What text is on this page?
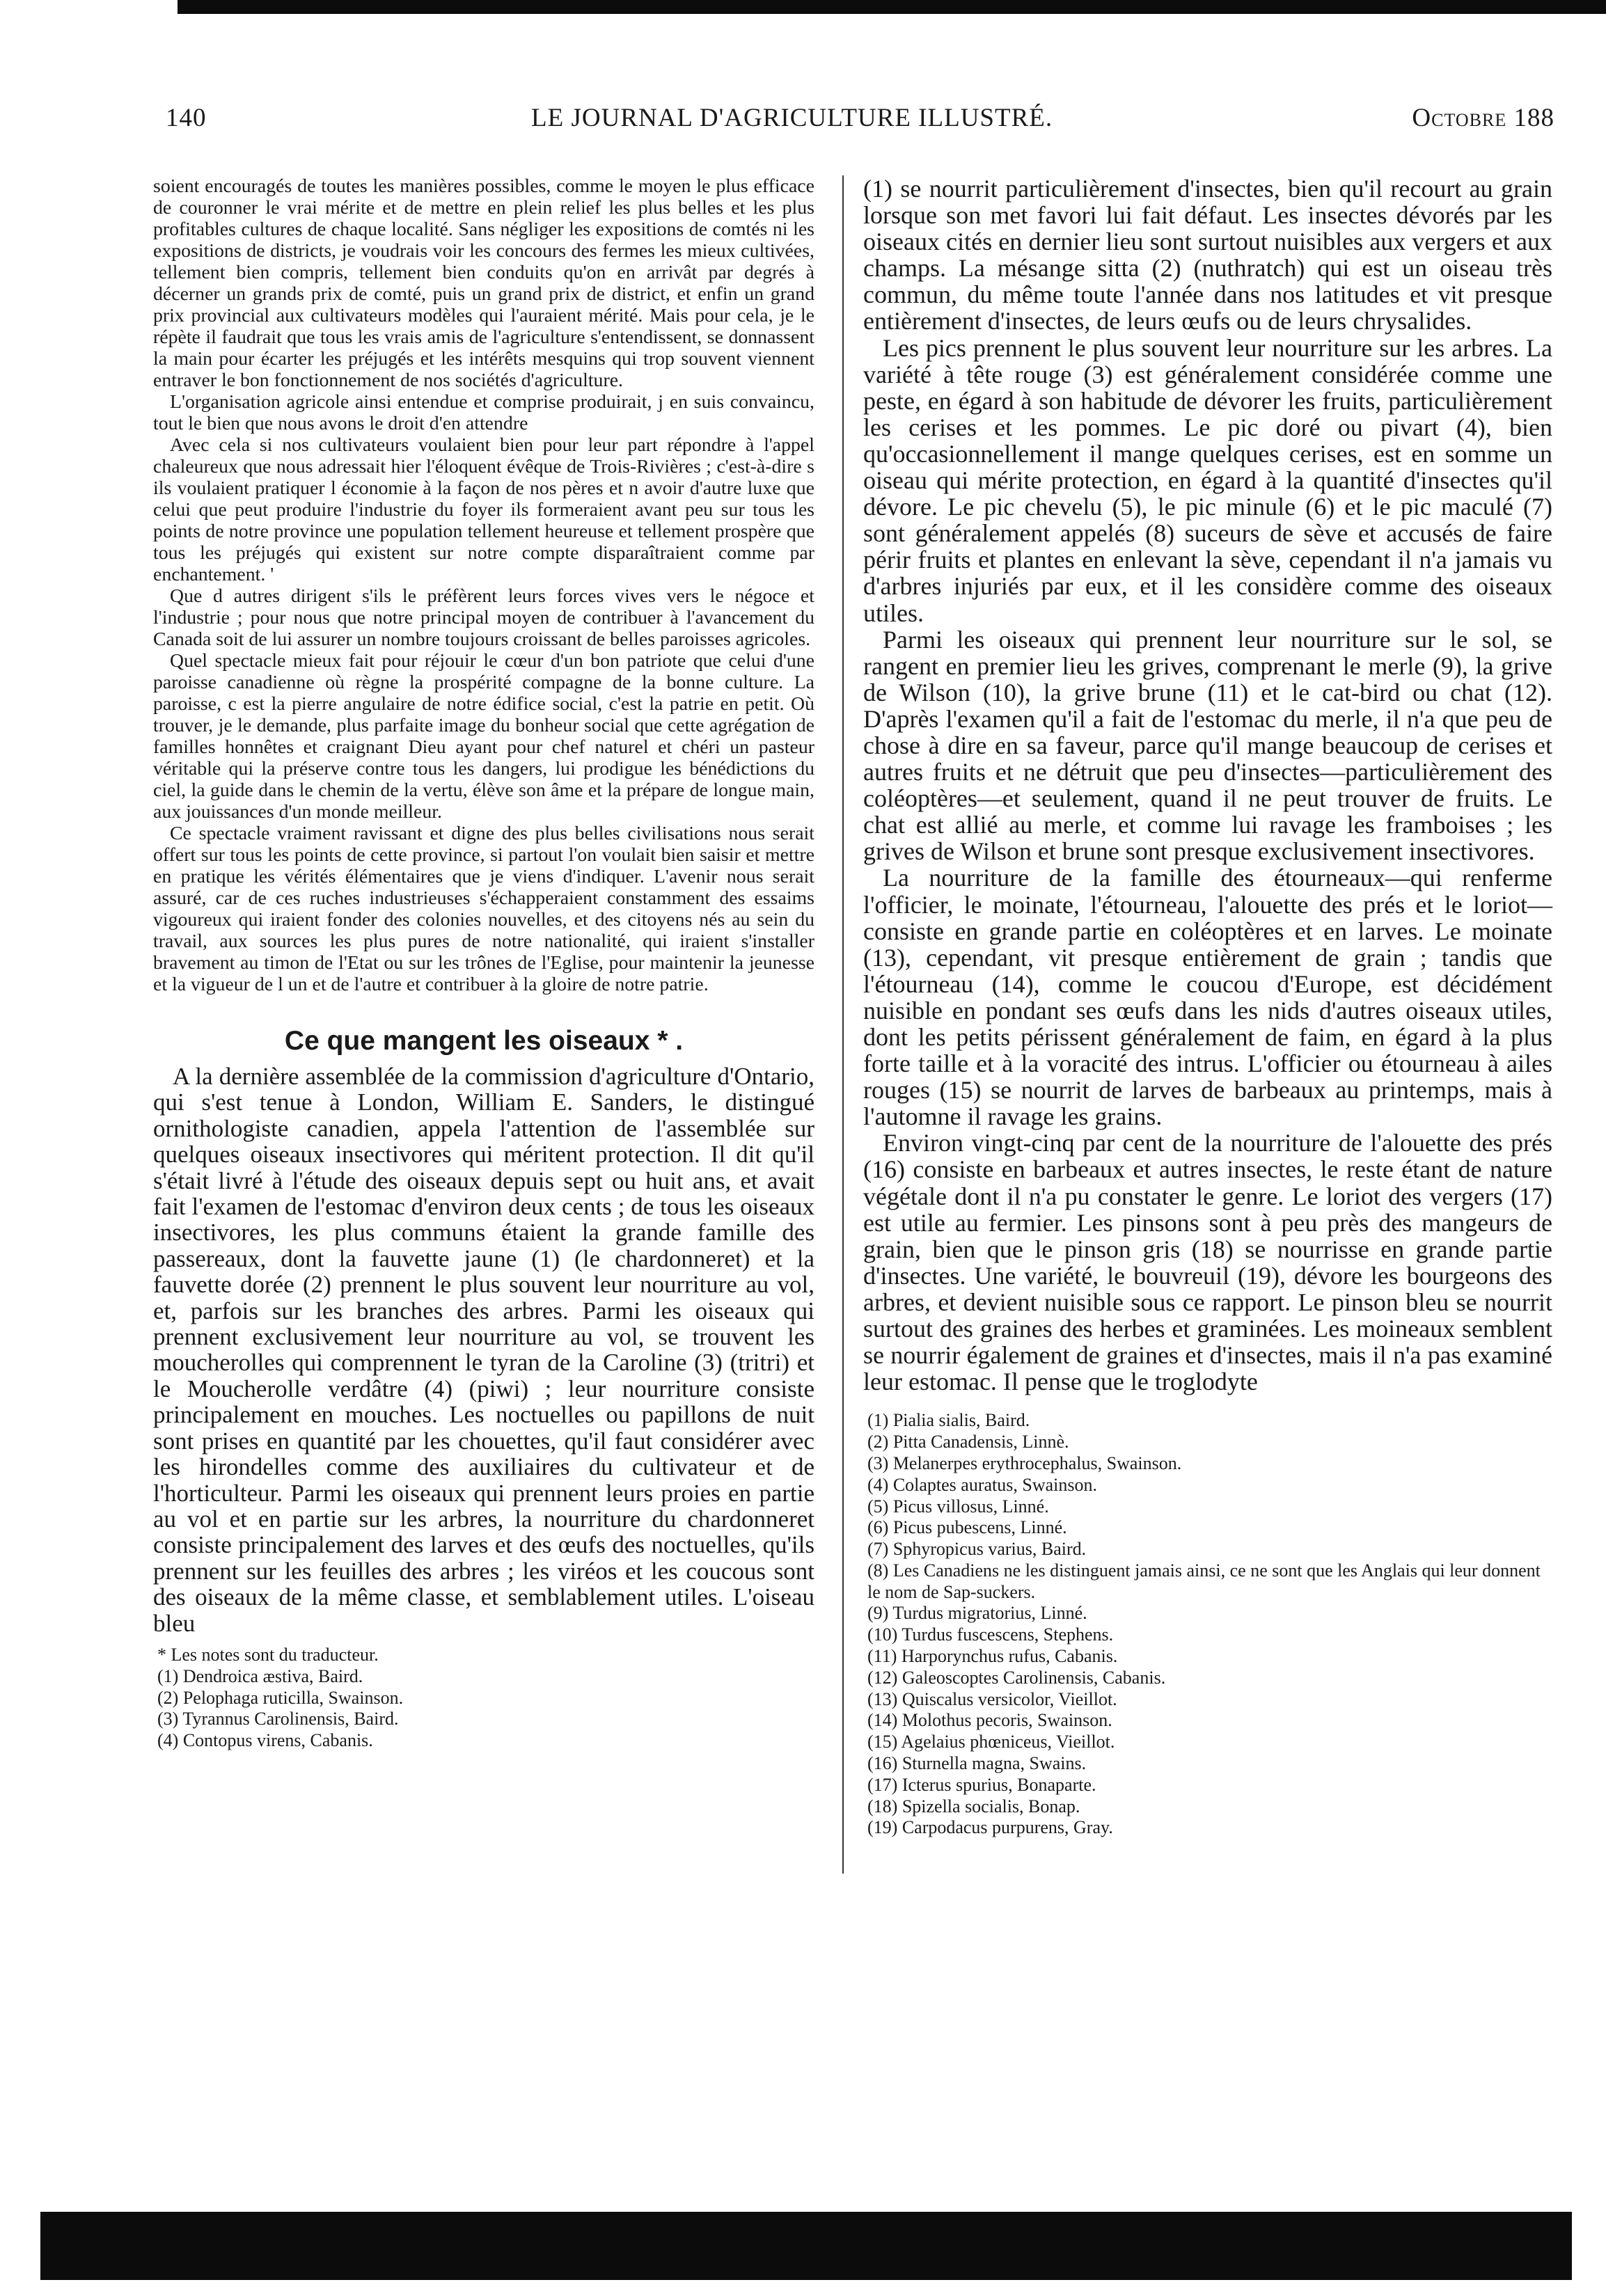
140	LE JOURNAL D'AGRICULTURE ILLUSTRÉ.	Octobre 188

soient encouragés de toutes les manières possibles, comme le moyen le plus efficace de couronner le vrai mérite et de mettre en plein relief les plus belles et les plus profitables cultures de chaque localité. Sans négliger les expositions de comtés ni les expositions de districts, je voudrais voir les concours des fermes les mieux cultivées, tellement bien compris, tellement bien conduits qu'on en arrivât par degrés à décerner un grands prix de comté, puis un grand prix de district, et enfin un grand prix provincial aux cultivateurs modèles qui l'auraient mérité. Mais pour cela, je le répète il faudrait que tous les vrais amis de l'agriculture s'entendissent, se donnassent la main pour écarter les préjugés et les intérêts mesquins qui trop souvent viennent entraver le bon fonctionnement de nos sociétés d'agriculture.

L'organisation agricole ainsi entendue et comprise produirait, j en suis convaincu, tout le bien que nous avons le droit d'en attendre

Avec cela si nos cultivateurs voulaient bien pour leur part répondre à l'appel chaleureux que nous adressait hier l'éloquent évêque de Trois-Rivières ; c'est-à-dire s ils voulaient pratiquer l économie à la façon de nos pères et n avoir d'autre luxe que celui que peut produire l'industrie du foyer ils formeraient avant peu sur tous les points de notre province une population tellement heureuse et tellement prospère que tous les préjugés qui existent sur notre compte disparaîtraient comme par enchantement. '

Que d autres dirigent s'ils le préfèrent leurs forces vives vers le négoce et l'industrie ; pour nous que notre principal moyen de contribuer à l'avancement du Canada soit de lui assurer un nombre toujours croissant de belles paroisses agricoles.

Quel spectacle mieux fait pour réjouir le cœur d'un bon patriote que celui d'une paroisse canadienne où règne la prospérité compagne de la bonne culture. La paroisse, c est la pierre angulaire de notre édifice social, c'est la patrie en petit. Où trouver, je le demande, plus parfaite image du bonheur social que cette agrégation de familles honnêtes et craignant Dieu ayant pour chef naturel et chéri un pasteur véritable qui la préserve contre tous les dangers, lui prodigue les bénédictions du ciel, la guide dans le chemin de la vertu, élève son âme et la prépare de longue main, aux jouissances d'un monde meilleur.

Ce spectacle vraiment ravissant et digne des plus belles civilisations nous serait offert sur tous les points de cette province, si partout l'on voulait bien saisir et mettre en pratique les vérités élémentaires que je viens d'indiquer. L'avenir nous serait assuré, car de ces ruches industrieuses s'échapperaient constamment des essaims vigoureux qui iraient fonder des colonies nouvelles, et des citoyens nés au sein du travail, aux sources les plus pures de notre nationalité, qui iraient s'installer bravement au timon de l'Etat ou sur les trônes de l'Eglise, pour maintenir la jeunesse et la vigueur de l un et de l'autre et contribuer à la gloire de notre patrie.

Ce que mangent les oiseaux * .

A la dernière assemblée de la commission d'agriculture d'Ontario, qui s'est tenue à London, William E. Sanders, le distingué ornithologiste canadien, appela l'attention de l'assemblée sur quelques oiseaux insectivores qui méritent protection. Il dit qu'il s'était livré à l'étude des oiseaux depuis sept ou huit ans, et avait fait l'examen de l'estomac d'environ deux cents ; de tous les oiseaux insectivores, les plus communs étaient la grande famille des passereaux, dont la fauvette jaune (1) (le chardonneret) et la fauvette dorée (2) prennent le plus souvent leur nourriture au vol, et, parfois sur les branches des arbres. Parmi les oiseaux qui prennent exclusivement leur nourriture au vol, se trouvent les moucherolles qui comprennent le tyran de la Caroline (3) (tritri) et le Moucherolle verdâtre (4) (piwi) ; leur nourriture consiste principalement en mouches. Les noctuelles ou papillons de nuit sont prises en quantité par les chouettes, qu'il faut considérer avec les hirondelles comme des auxiliaires du cultivateur et de l'horticulteur. Parmi les oiseaux qui prennent leurs proies en partie au vol et en partie sur les arbres, la nourriture du chardonneret consiste principalement des larves et des œufs des noctuelles, qu'ils prennent sur les feuilles des arbres ; les viréos et les coucous sont des oiseaux de la même classe, et semblablement utiles. L'oiseau bleu

* Les notes sont du traducteur.

(1) Dendroica æstiva, Baird.

(2) Pelophaga ruticilla, Swainson.

(3) Tyrannus Carolinensis, Baird.

(4) Contopus virens, Cabanis.

(1) se nourrit particulièrement d'insectes, bien qu'il recourt au grain lorsque son met favori lui fait défaut. Les insectes dévorés par les oiseaux cités en dernier lieu sont surtout nuisibles aux vergers et aux champs. La mésange sitta (2) (nuthratch) qui est un oiseau très commun, du même toute l'année dans nos latitudes et vit presque entièrement d'insectes, de leurs œufs ou de leurs chrysalides.

Les pics prennent le plus souvent leur nourriture sur les arbres. La variété à tête rouge (3) est généralement considérée comme une peste, en égard à son habitude de dévorer les fruits, particulièrement les cerises et les pommes. Le pic doré ou pivart (4), bien qu'occasionnellement il mange quelques cerises, est en somme un oiseau qui mérite protection, en égard à la quantité d'insectes qu'il dévore. Le pic chevelu (5), le pic minule (6) et le pic maculé (7) sont généralement appelés (8) suceurs de sève et accusés de faire périr fruits et plantes en enlevant la sève, cependant il n'a jamais vu d'arbres injuriés par eux, et il les considère comme des oiseaux utiles.

Parmi les oiseaux qui prennent leur nourriture sur le sol, se rangent en premier lieu les grives, comprenant le merle (9), la grive de Wilson (10), la grive brune (11) et le cat-bird ou chat (12). D'après l'examen qu'il a fait de l'estomac du merle, il n'a que peu de chose à dire en sa faveur, parce qu'il mange beaucoup de cerises et autres fruits et ne détruit que peu d'insectes—particulièrement des coléoptères—et seulement, quand il ne peut trouver de fruits. Le chat est allié au merle, et comme lui ravage les framboises ; les grives de Wilson et brune sont presque exclusivement insectivores.

La nourriture de la famille des étourneaux—qui renferme l'officier, le moinate, l'étourneau, l'alouette des prés et le loriot—consiste en grande partie en coléoptères et en larves. Le moinate (13), cependant, vit presque entièrement de grain ; tandis que l'étourneau (14), comme le coucou d'Europe, est décidément nuisible en pondant ses œufs dans les nids d'autres oiseaux utiles, dont les petits périssent généralement de faim, en égard à la plus forte taille et à la voracité des intrus. L'officier ou étourneau à ailes rouges (15) se nourrit de larves de barbeaux au printemps, mais à l'automne il ravage les grains.

Environ vingt-cinq par cent de la nourriture de l'alouette des prés (16) consiste en barbeaux et autres insectes, le reste étant de nature végétale dont il n'a pu constater le genre. Le loriot des vergers (17) est utile au fermier. Les pinsons sont à peu près des mangeurs de grain, bien que le pinson gris (18) se nourrisse en grande partie d'insectes. Une variété, le bouvreuil (19), dévore les bourgeons des arbres, et devient nuisible sous ce rapport. Le pinson bleu se nourrit surtout des graines des herbes et graminées. Les moineaux semblent se nourrir également de graines et d'insectes, mais il n'a pas examiné leur estomac. Il pense que le troglodyte

(1) Pialia sialis, Baird.

(2) Pitta Canadensis, Linnè.

(3) Melanerpes erythrocephalus, Swainson.

(4) Colaptes auratus, Swainson.

(5) Picus villosus, Linné.

(6) Picus pubescens, Linné.

(7) Sphyropicus varius, Baird.

(8) Les Canadiens ne les distinguent jamais ainsi, ce ne sont que les Anglais qui leur donnent le nom de Sap-suckers.

(9) Turdus migratorius, Linné.

(10) Turdus fuscescens, Stephens.

(11) Harporynchus rufus, Cabanis.

(12) Galeoscoptes Carolinensis, Cabanis.

(13) Quiscalus versicolor, Vieillot.

(14) Molothus pecoris, Swainson.

(15) Agelaius phœniceus, Vieillot.

(16) Sturnella magna, Swains.

(17) Icterus spurius, Bonaparte.

(18) Spizella socialis, Bonap.

(19) Carpodacus purpurens, Gray.
